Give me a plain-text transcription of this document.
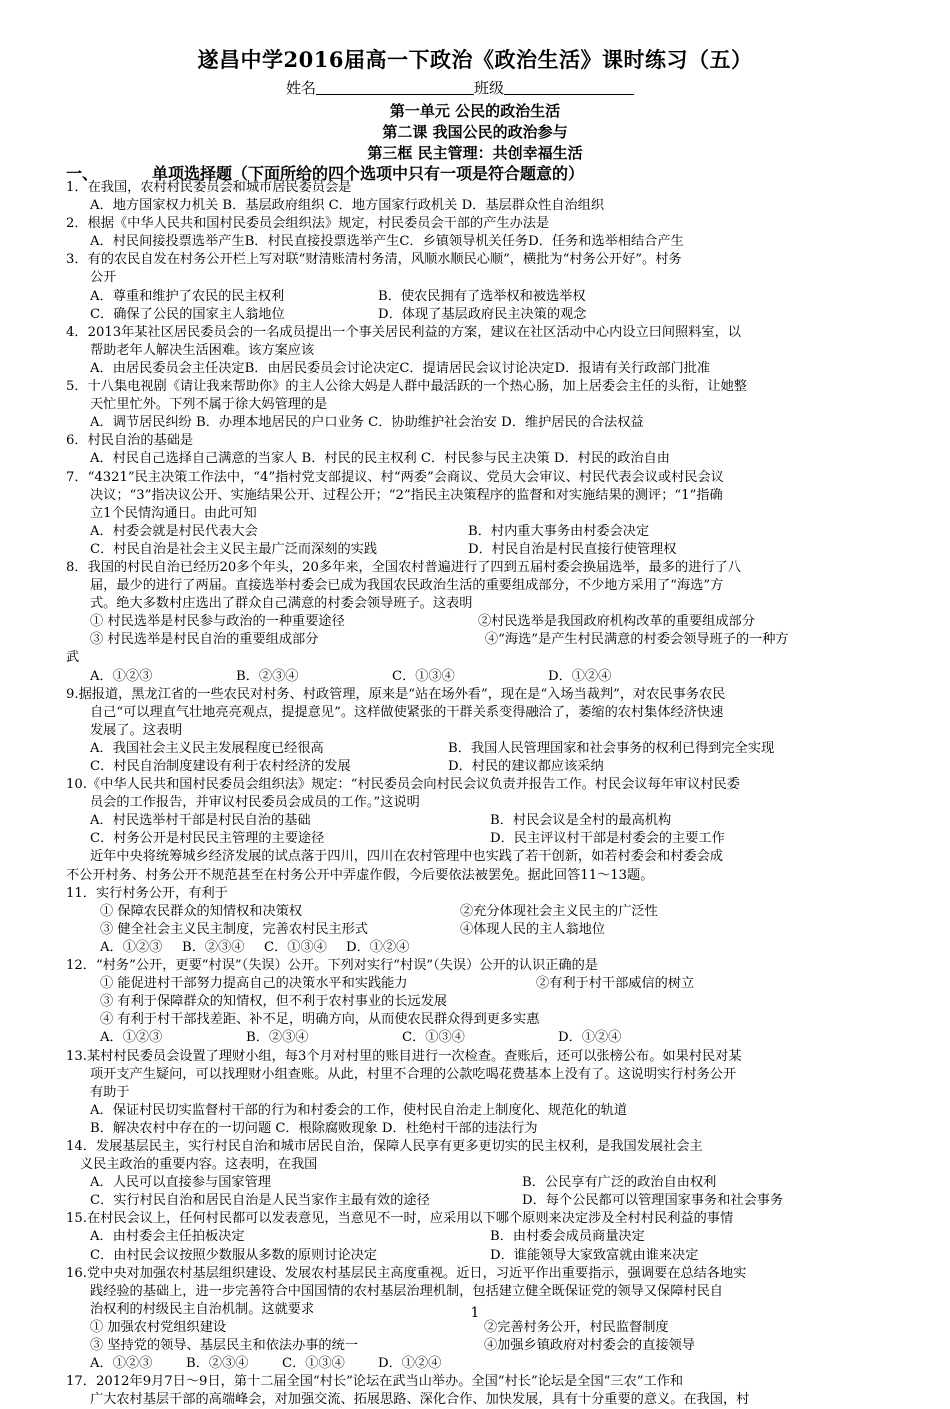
遂昌中学2016届高一下政治《政治生活》课时练习（五）
姓名	班级
第一单元 公民的政治生活
第二课 我国公民的政治参与
第三框 民主管理：共创幸福生活
一、	单项选择题（下面所给的四个选项中只有一项是符合题意的）
1．在我国，农村村民委员会和城市居民委员会是
A．地方国家权力机关 B．基层政府组织 C．地方国家行政机关 D．基层群众性自治组织
2．根据《中华人民共和国村民委员会组织法》规定，村民委员会干部的产生办法是
A．村民间接投票选举产生B．村民直接投票选举产生C．乡镇领导机关任务D．任务和选举相结合产生
3．有的农民自发在村务公开栏上写对联“财清账清村务清，风顺水顺民心顺”，横批为“村务公开好”。村务
公开
A．尊重和维护了农民的民主权利	B．使农民拥有了选举权和被选举权
C．确保了公民的国家主人翁地位	D．体现了基层政府民主决策的观念
4．2013年某社区居民委员会的一名成员提出一个事关居民利益的方案，建议在社区活动中心内设立曰间照料室，以
帮助老年人解决生活困难。该方案应该
A．由居民委员会主任决定B．由居民委员会讨论决定C．提请居民会议讨论决定D．报请有关行政部门批准
5．十八集电视剧《请让我来帮助你》的主人公徐大妈是人群中最活跃的一个热心肠，加上居委会主任的头衔，让她整
天忙里忙外。下列不属于徐大妈管理的是
A．调节居民纠纷 B．办理本地居民的户口业务 C．协助维护社会治安 D．维护居民的合法权益
6．村民自治的基础是
A．村民自己选择自己满意的当家人 B．村民的民主权利 C．村民参与民主决策 D．村民的政治自由
7．“4321”民主决策工作法中，“4”指村党支部提议、村“两委”会商议、党员大会审议、村民代表会议或村民会议
决议；“3”指决议公开、实施结果公开、过程公开；“2”指民主决策程序的监督和对实施结果的测评；“1”指确
立1个民情沟通日。由此可知
A．村委会就是村民代表大会	B．村内重大事务由村委会决定
C．村民自治是社会主义民主最广泛而深刻的实践	D．村民自治是村民直接行使管理权
8．我国的村民自治已经历20多个年头，20多年来，全国农村普遍进行了四到五届村委会换届选举，最多的进行了八
届，最少的进行了两届。直接选举村委会已成为我国农民政治生活的重要组成部分，不少地方采用了“海选”方
式。绝大多数村庄选出了群众自己满意的村委会领导班子。这表明
① 村民选举是村民参与政治的一种重要途径	②村民选举是我国政府机构改革的重要组成部分
③ 村民选举是村民自治的重要组成部分	④“海选”是产生村民满意的村委会领导班子的一种方
武
A．①②③	B．②③④	C．①③④	D．①②④
9.据报道，黑龙江省的一些农民对村务、村政管理，原来是“站在场外看”，现在是“入场当裁判”，对农民事务农民
自己“可以理直气壮地亮亮观点，提提意见”。这样做使紧张的干群关系变得融洽了，萎缩的农村集体经济快速
发展了。这表明
A．我国社会主义民主发展程度已经很高	B．我国人民管理国家和社会事务的权利已得到完全实现
C．村民自治制度建设有利于农村经济的发展	D．村民的建议都应该采纳
10.《中华人民共和国村民委员会组织法》规定：“村民委员会向村民会议负责并报告工作。村民会议每年审议村民委
员会的工作报告，并审议村民委员会成员的工作。”这说明
A．村民选举村干部是村民自治的基础	B．村民会议是全村的最高机构
C．村务公开是村民民主管理的主要途径	D．民主评议村干部是村委会的主要工作
近年中央将统筹城乡经济发展的试点落于四川，四川在农村管理中也实践了若干创新，如若村委会和村委会成
不公开村务、村务公开不规范甚至在村务公开中弄虚作假，今后要依法被罢免。据此回答11～13题。
11．实行村务公开，有利于
① 保障农民群众的知情权和决策权	②充分体现社会主义民主的广泛性
③ 健全社会主义民主制度，完善农村民主形式	④体现人民的主人翁地位
A．①②③	B．②③④	C．①③④	D．①②④
12．“村务”公开，更要“村误”（失误）公开。下列对实行“村误”（失误）公开的认识正确的是
① 能促进村干部努力提高自己的决策水平和实践能力	②有利于村干部威信的树立
③ 有利于保障群众的知情权，但不利于农村事业的长远发展
④ 有利于村干部找差距、补不足，明确方向，从而使农民群众得到更多实惠
A．①②③	B．②③④	C．①③④	D．①②④
13.某村村民委员会设置了理财小组，每3个月对村里的账目进行一次检查。查账后，还可以张榜公布。如果村民对某
项开支产生疑问，可以找理财小组查账。从此，村里不合理的公款吃喝花费基本上没有了。这说明实行村务公开
有助于
A．保证村民切实监督村干部的行为和村委会的工作，使村民自治走上制度化、规范化的轨道
B．解决农村中存在的一切问题 C．根除腐败现象 D．杜绝村干部的违法行为
14．发展基层民主，实行村民自治和城市居民自治，保障人民享有更多更切实的民主权利，是我国发展社会主
义民主政治的重要内容。这表明，在我国
A．人民可以直接参与国家管理	B．公民享有广泛的政治自由权利
C．实行村民自治和居民自治是人民当家作主最有效的途径	D．每个公民都可以管理国家事务和社会事务
15.在村民会议上，任何村民都可以发表意见，当意见不一时，应采用以下哪个原则来决定涉及全村村民利益的事情
A．由村委会主任拍板决定	B．由村委会成员商量决定
C．由村民会议按照少数服从多数的原则讨论决定	D．谁能领导大家致富就由谁来决定
16.党中央对加强农村基层组织建设、发展农村基层民主高度重视。近日，习近平作出重要指示，强调要在总结各地实
践经验的基础上，进一步完善符合中国国情的农村基层治理机制，包括建立健全既保证党的领导又保障村民自
治权利的村级民主自治机制。这就要求
① 加强农村党组织建设	②完善村务公开，村民监督制度
③ 坚持党的领导、基层民主和依法办事的统一	④加强乡镇政府对村委会的直接领导
A．①②③	B．②③④	C．①③④	D．①②④
17．2012年9月7日～9日，第十二届全国“村长”论坛在武当山举办。全国“村长”论坛是全国“三农”工作和
广大农村基层干部的高端峰会，对加强交流、拓展思路、深化合作、加快发展，具有十分重要的意义。在我国，村
1
